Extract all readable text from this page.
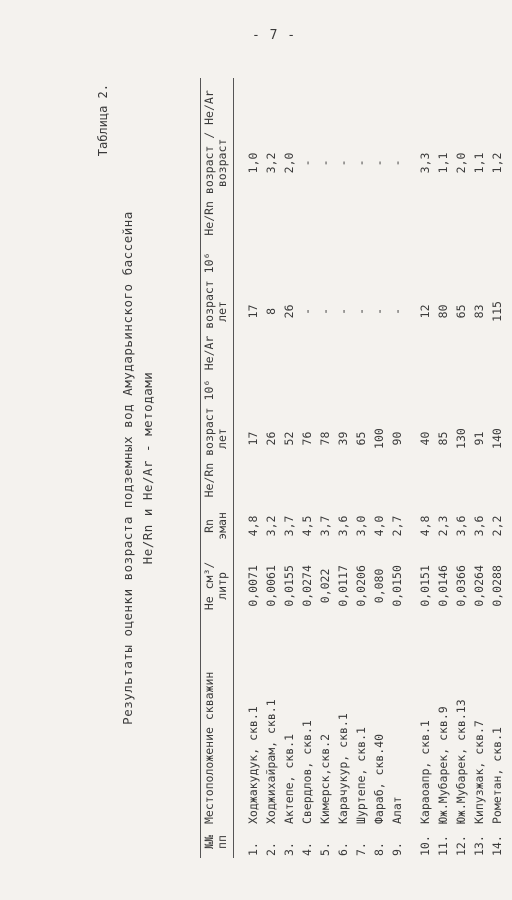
- 7 -
Таблица 2.
Результаты оценки возраста подземных вод Амударьинского бассейна He/Rn и He/Ar - методами
№№ пп	Местоположение скважин	He см³/литр	Rn эман	He/Rn возраст 10⁶ лет	He/Ar возраст 10⁶ лет	He/Rn возраст / He/Ar возраст

1.	Ходжакудук, скв.1	0,0071	4,8	17	17	1,0
2.	Ходжихайрам, скв.1	0,0061	3,2	26	8	3,2
3.	Актепе, скв.1	0,0155	3,7	52	26	2,0
4.	Свердлов, скв.1	0,0274	4,5	76	-	-
5.	Кимерск,скв.2	0,022	3,7	78	-	-
6.	Карачукур, скв.1	0,0117	3,6	39	-	-
7.	Шуртепе, скв.1	0,0206	3,0	65	-	-
8.	Фараб, скв.40	0,080	4,0	100	-	-
9.	Алат	0,0150	2,7	90	-	-

10.	Караоапр, скв.1	0,0151	4,8	40	12	3,3
11.	Юж.Мубарек, скв.9	0,0146	2,3	85	80	1,1
12.	Юж.Мубарек, скв.13	0,0366	3,6	130	65	2,0
13.	Кипузжак, скв.7	0,0264	3,6	91	83	1,1
14.	Рометан, скв.1	0,0288	2,2	140	115	1,2
